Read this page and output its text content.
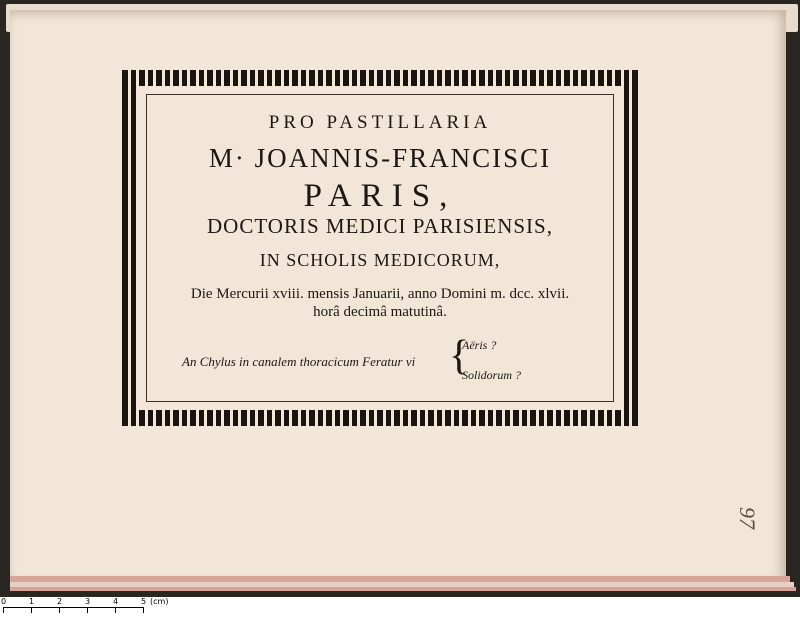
PRO PASTILLARIA
M· JOANNIS-FRANCISCI
PARIS,
DOCTORIS MEDICI PARISIENSIS,
IN SCHOLIS MEDICORUM,
Die Mercurii xviii. mensis Januarii, anno Domini m. dcc. xlvii.
horâ decimâ matutinâ.
An Chylus in canalem thoracicum Feratur vi {
Aëris ?
Solidorum ?
97
0	1	2	3	4	5 (cm)
